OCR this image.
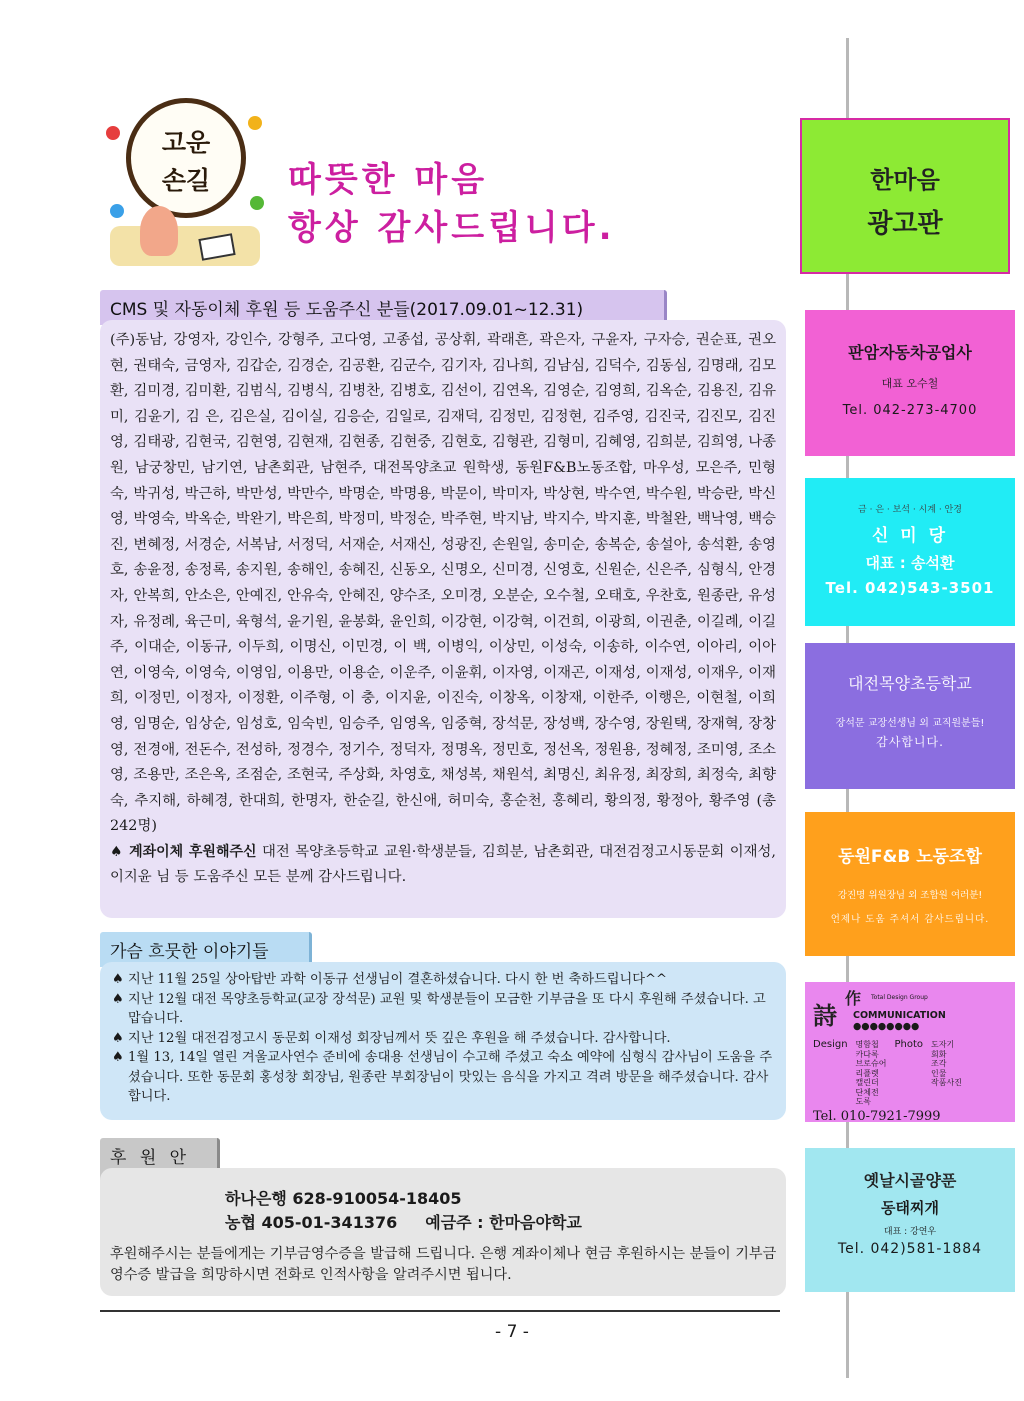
고운
손길	따뜻한 마음
항상 감사드립니다.
CMS 및 자동이체 후원 등 도움주신 분들(2017.09.01~12.31)

(주)동남, 강영자, 강인수, 강형주, 고다영, 고종섭, 공상휘, 곽래흔, 곽은자, 구윤자, 구자승, 권순표, 권오현, 권태숙, 금영자, 김갑순, 김경순, 김공환, 김군수, 김기자, 김나희, 김남심, 김덕수, 김동심, 김명래, 김모환, 김미경, 김미환, 김범식, 김병식, 김병찬, 김병호, 김선이, 김연옥, 김영순, 김영희, 김옥순, 김용진, 김유미, 김윤기, 김 은, 김은실, 김이실, 김응순, 김일로, 김재덕, 김정민, 김정현, 김주영, 김진국, 김진모, 김진영, 김태광, 김현국, 김현영, 김현재, 김현종, 김현중, 김현호, 김형관, 김형미, 김혜영, 김희분, 김희영, 나종원, 남궁창민, 남기연, 남촌회관, 남현주, 대전목양초교 원학생, 동원F&B노동조합, 마우성, 모은주, 민형숙, 박귀성, 박근하, 박만성, 박만수, 박명순, 박명용, 박문이, 박미자, 박상현, 박수연, 박수원, 박승란, 박신영, 박영숙, 박옥순, 박완기, 박은희, 박정미, 박정순, 박주현, 박지남, 박지수, 박지훈, 박철완, 백낙영, 백승진, 변혜정, 서경순, 서복남, 서정덕, 서재순, 서재신, 성광진, 손원일, 송미순, 송복순, 송설아, 송석환, 송영호, 송윤정, 송정록, 송지원, 송해인, 송혜진, 신동오, 신명오, 신미경, 신영호, 신원순, 신은주, 심형식, 안경자, 안복희, 안소은, 안예진, 안유숙, 안혜진, 양수조, 오미경, 오분순, 오수철, 오태호, 우찬호, 원종란, 유성자, 유정례, 육근미, 육형석, 윤기원, 윤봉화, 윤인희, 이강현, 이강혁, 이건희, 이광희, 이권춘, 이길례, 이길주, 이대순, 이동규, 이두희, 이명신, 이민경, 이 백, 이병익, 이상민, 이성숙, 이송하, 이수연, 이아리, 이아연, 이영숙, 이영숙, 이영임, 이용만, 이용순, 이운주, 이윤휘, 이자영, 이재곤, 이재성, 이재성, 이재우, 이재희, 이정민, 이정자, 이정환, 이주형, 이 충, 이지윤, 이진숙, 이창옥, 이창재, 이한주, 이행은, 이현철, 이희영, 임명순, 임상순, 임성호, 임숙빈, 임승주, 임영옥, 임중혁, 장석문, 장성백, 장수영, 장원택, 장재혁, 장창영, 전경애, 전돈수, 전성하, 정경수, 정기수, 정덕자, 정명옥, 정민호, 정선옥, 정원용, 정혜정, 조미영, 조소영, 조용만, 조은옥, 조점순, 조현국, 주상화, 차영호, 채성복, 채원석, 최명신, 최유정, 최장희, 최정숙, 최향숙, 추지해, 하혜경, 한대희, 한명자, 한순길, 한신애, 허미숙, 홍순천, 홍혜리, 황의정, 황정아, 황주영 (총 242명)
♠ 계좌이체 후원해주신 대전 목양초등학교 교원·학생분들, 김희분, 남촌회관, 대전검정고시동문회 이재성, 이지윤 님 등 도움주신 모든 분께 감사드립니다.

가슴 흐뭇한 이야기들
♠ 지난 11월 25일 상아탑반 과학 이동규 선생님이 결혼하셨습니다. 다시 한 번 축하드립니다^^
♠ 지난 12월 대전 목양초등학교(교장 장석문) 교원 및 학생분들이 모금한 기부금을 또 다시 후원해 주셨습니다. 고맙습니다.
♠ 지난 12월 대전검정고시 동문회 이재성 회장님께서 뜻 깊은 후원을 해 주셨습니다. 감사합니다.
♠ 1월 13, 14일 열린 겨울교사연수 준비에 송대용 선생님이 수고해 주셨고 숙소 예약에 심형식 감사님이 도움을 주셨습니다. 또한 동문회 홍성창 회장님, 원종란 부회장님이 맛있는 음식을 가지고 격려 방문을 해주셨습니다. 감사합니다.
후 원 안
하나은행 628-910054-18405
농협 405-01-341376 예금주 : 한마음야학교

후원해주시는 분들에게는 기부금영수증을 발급해 드립니다. 은행 계좌이체나 현금 후원하시는 분들이 기부금영수증 발급을 희망하시면 전화로 인적사항을 알려주시면 됩니다.

- 7 -
한마음
광고판
판암자동차공업사
대표 오수철
Tel. 042-273-4700
금 · 은 · 보석 · 시계 · 안경
신 미 당
대표 : 송석환
Tel. 042)543-3501
대전목양초등학교
장석문 교장선생님 외 교직원분들!
감사합니다.
동원F&B 노동조합
강진명 위원장님 외 조합원 여러분!
언제나 도움 주셔서 감사드립니다.
詩
作 Total Design Group
COMMUNICATION ●●●●●●●●
Design 명함첩
카다록
브로슈어
리플렛
캘린더
단체전
도록
Photo 도자기
회화
조각
인물
작품사진
Tel. 010-7921-7999
옛날시골양푼
동태찌개
대표 : 강연우
Tel. 042)581-1884
